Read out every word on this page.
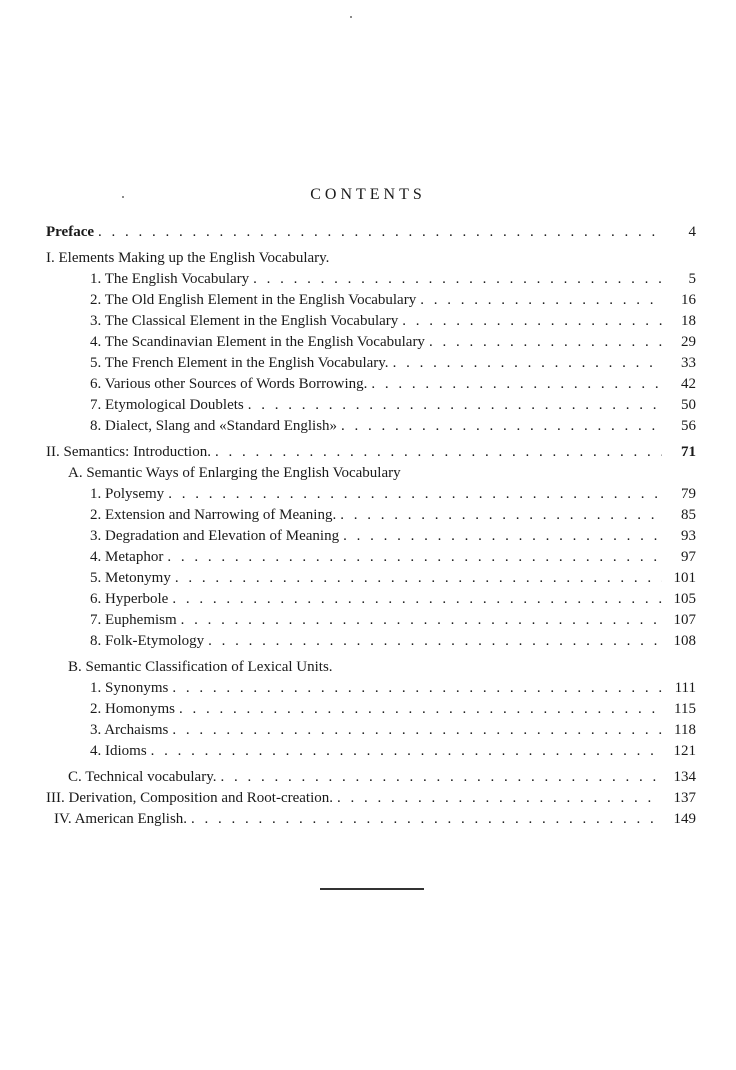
CONTENTS
Preface . . .	4
I. Elements Making up the English Vocabulary.
1. The English Vocabulary . . .	5
2. The Old English Element in the English Vocabulary . . .	16
3. The Classical Element in the English Vocabulary . . .	18
4. The Scandinavian Element in the English Vocabulary . . .	29
5. The French Element in the English Vocabulary. . . .	33
6. Various other Sources of Words Borrowing. . . .	42
7. Etymological Doublets . . .	50
8. Dialect, Slang and «Standard English» . . .	56
II. Semantics: Introduction. . . .	71
A. Semantic Ways of Enlarging the English Vocabulary
1. Polysemy . . .	79
2. Extension and Narrowing of Meaning. . . .	85
3. Degradation and Elevation of Meaning . . .	93
4. Metaphor . . .	97
5. Metonymy . . .	101
6. Hyperbole . . .	105
7. Euphemism . . .	107
8. Folk-Etymology . . .	108
B. Semantic Classification of Lexical Units.
1. Synonyms . . .	111
2. Homonyms . . .	115
3. Archaisms . . .	118
4. Idioms . . .	121
C. Technical vocabulary. . . .	134
III. Derivation, Composition and Root-creation. . . .	137
IV. American English. . . .	149
